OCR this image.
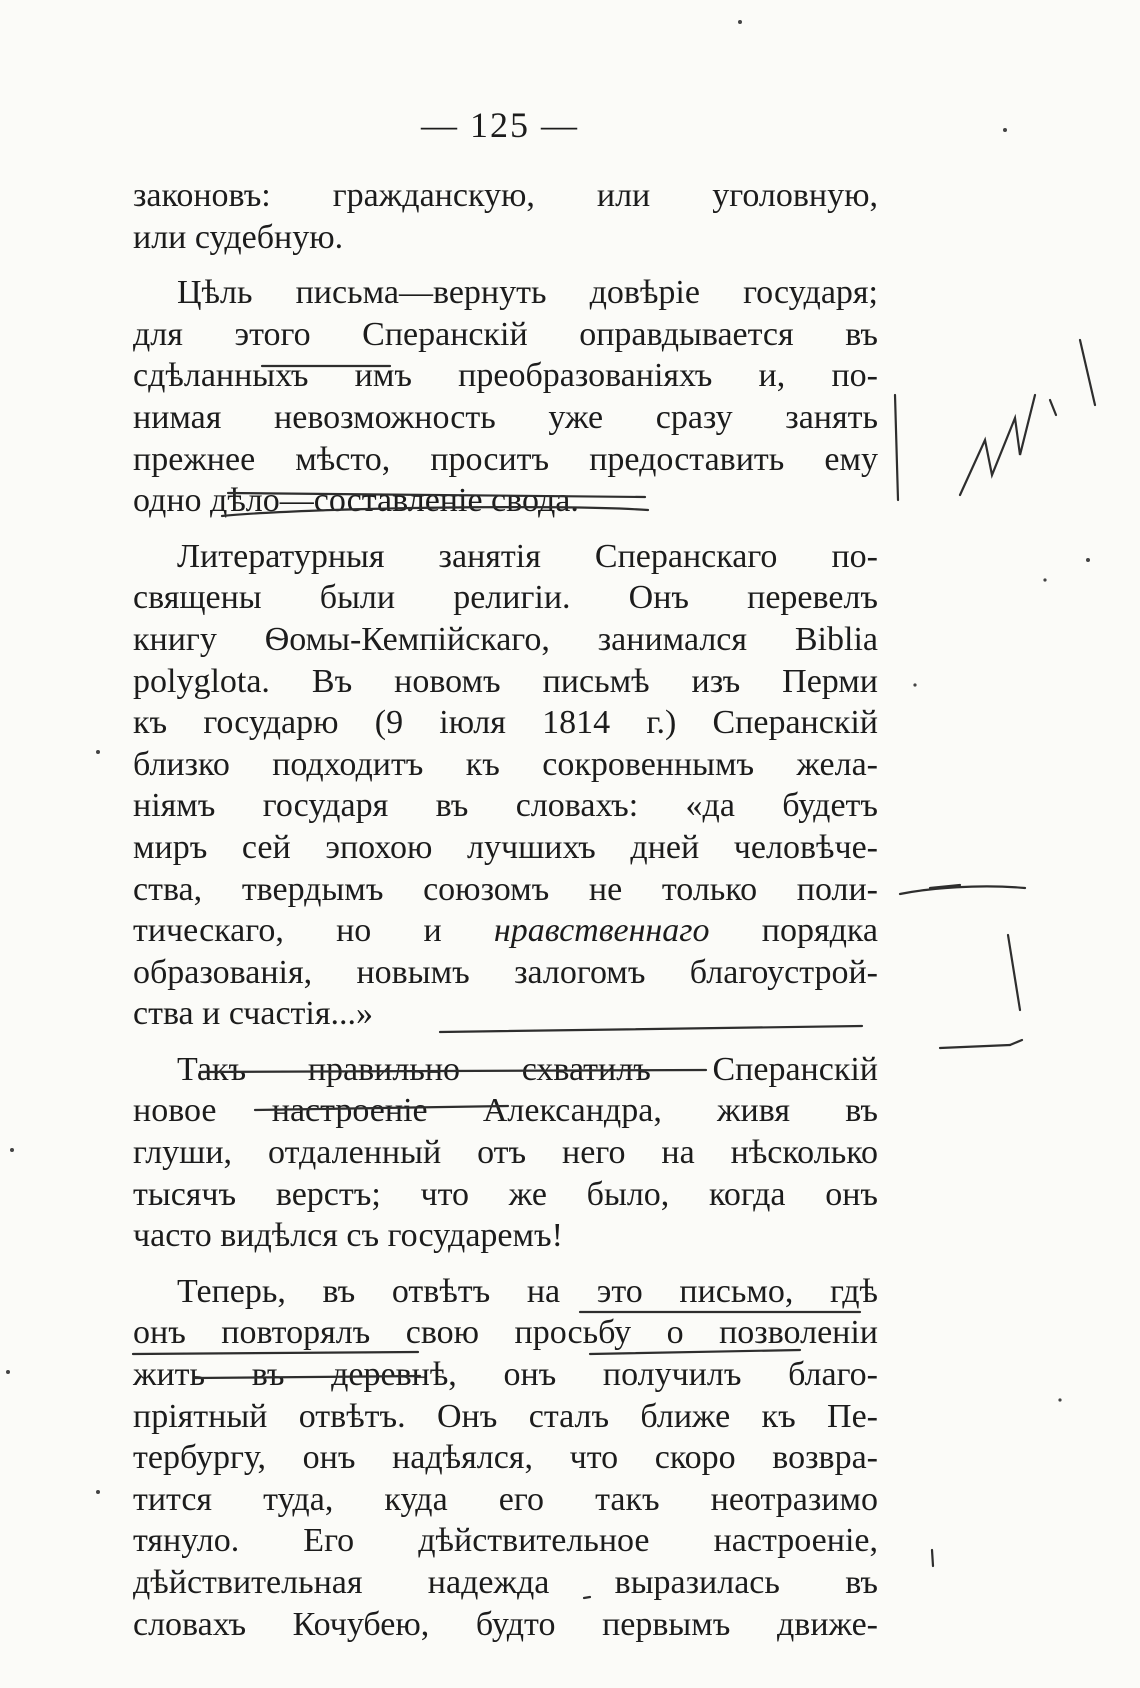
— 125 —
законовъ: гражданскую, или уголовную,
или судебную.
Цѣль письма—вернуть довѣріе государя;
для этого Сперанскій оправдывается въ
сдѣланныхъ имъ преобразованіяхъ и, по-
нимая невозможность уже сразу занять
прежнее мѣсто, проситъ предоставить ему
одно дѣло—составленіе свода.
Литературныя занятія Сперанскаго по-
священы были религіи. Онъ перевелъ
книгу Ѳомы-Кемпійскаго, занимался Biblia
polyglota. Въ новомъ письмѣ изъ Перми
къ государю (9 іюля 1814 г.) Сперанскій
близко подходитъ къ сокровеннымъ жела-
ніямъ государя въ словахъ: «да будетъ
миръ сей эпохою лучшихъ дней человѣче-
ства, твердымъ союзомъ не только поли-
тическаго, но и нравственнаго порядка
образованія, новымъ залогомъ благоустрой-
ства и счастія...»
Такъ правильно схватилъ Сперанскій
новое настроеніе Александра, живя въ
глуши, отдаленный отъ него на нѣсколько
тысячъ верстъ; что же было, когда онъ
часто видѣлся съ государемъ!
Теперь, въ отвѣтъ на это письмо, гдѣ
онъ повторялъ свою просьбу о позволеніи
жить въ деревнѣ, онъ получилъ благо-
пріятный отвѣтъ. Онъ сталъ ближе къ Пе-
тербургу, онъ надѣялся, что скоро возвра-
тится туда, куда его такъ неотразимо
тянуло. Его дѣйствительное настроеніе,
дѣйствительная надежда выразилась въ
словахъ Кочубею, будто первымъ движе-
